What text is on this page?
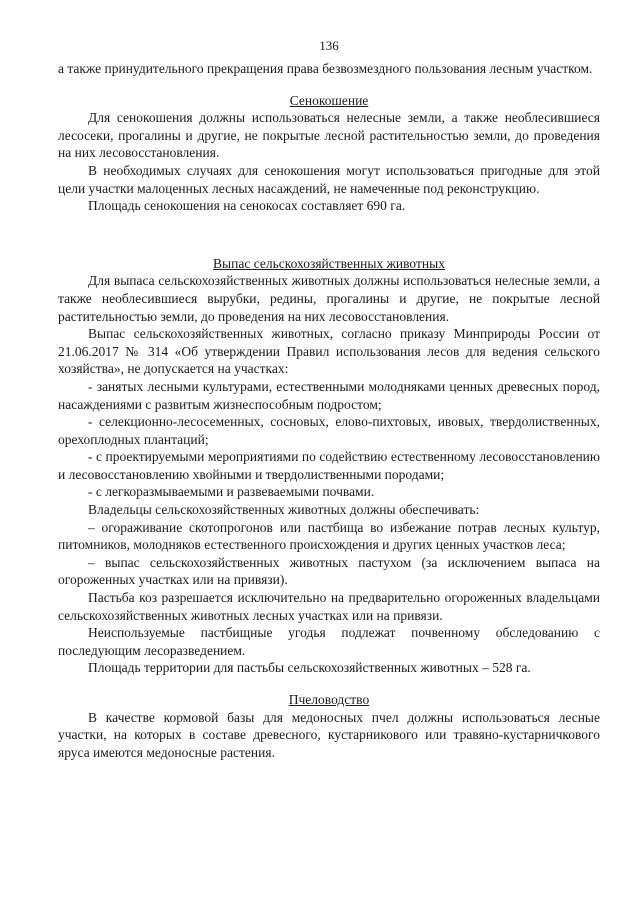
136

а также принудительного прекращения права безвозмездного пользования лесным участком.

Сенокошение

Для сенокошения должны использоваться нелесные земли, а также необлесившиеся лесосеки, прогалины и другие, не покрытые лесной растительностью земли, до проведения на них лесовосстановления.

В необходимых случаях для сенокошения могут использоваться пригодные для этой цели участки малоценных лесных насаждений, не намеченные под реконструкцию.

Площадь сенокошения на сенокосах составляет 690 га.

Выпас сельскохозяйственных животных

Для выпаса сельскохозяйственных животных должны использоваться нелесные земли, а также необлесившиеся вырубки, редины, прогалины и другие, не покрытые лесной растительностью земли, до проведения на них лесовосстановления.

Выпас сельскохозяйственных животных, согласно приказу Минприроды России от 21.06.2017 № 314 «Об утверждении Правил использования лесов для ведения сельского хозяйства», не допускается на участках:

- занятых лесными культурами, естественными молодняками ценных древесных пород, насаждениями с развитым жизнеспособным подростом;

- селекционно-лесосеменных, сосновых, елово-пихтовых, ивовых, твердолиственных, орехоплодных плантаций;

- с проектируемыми мероприятиями по содействию естественному лесовосстановлению и лесовосстановлению хвойными и твердолиственными породами;

- с легкоразмываемыми и развеваемыми почвами.

Владельцы сельскохозяйственных животных должны обеспечивать:

– огораживание скотопрогонов или пастбища во избежание потрав лесных культур, питомников, молодняков естественного происхождения и других ценных участков леса;

– выпас сельскохозяйственных животных пастухом (за исключением выпаса на огороженных участках или на привязи).

Пастьба коз разрешается исключительно на предварительно огороженных владельцами сельскохозяйственных животных лесных участках или на привязи.

Неиспользуемые пастбищные угодья подлежат почвенному обследованию с последующим лесоразведением.

Площадь территории для пастьбы сельскохозяйственных животных – 528 га.

Пчеловодство

В качестве кормовой базы для медоносных пчел должны использоваться лесные участки, на которых в составе древесного, кустарникового или травяно-кустарничкового яруса имеются медоносные растения.
